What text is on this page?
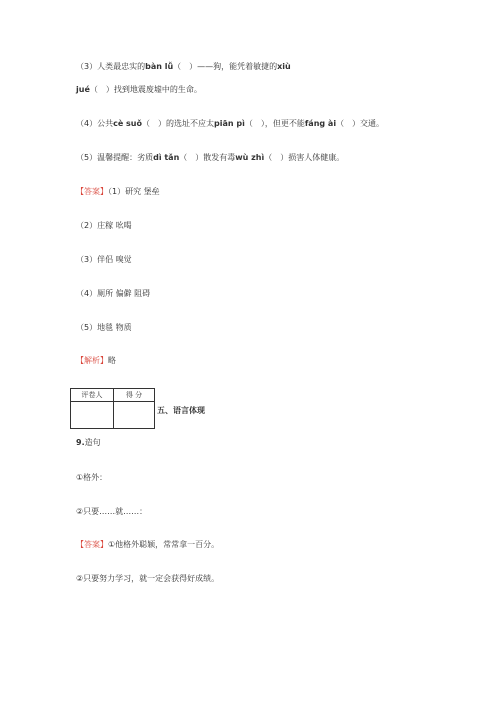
（3）人类最忠实的bàn lǚ（　）——狗，能凭着敏捷的xiù
jué（　）找到地震废墟中的生命。
（4）公共cè suǒ（　）的选址不应太piān pì（　），但更不能fáng ài（　）交通。
（5）温馨提醒：劣质dì tǎn（　）散发有毒wù zhì（　）损害人体健康。
【答案】（1）研究 堡垒
（2）庄稼 吆喝
（3）伴侣 嗅觉
（4）厕所 偏僻 阻碍
（5）地毯 物质
【解析】略
评卷人	得 分

五、语言体现
9.造句
①格外：
②只要……就……：
【答案】①他格外聪颖，常常拿一百分。
②只要努力学习，就一定会获得好成绩。
